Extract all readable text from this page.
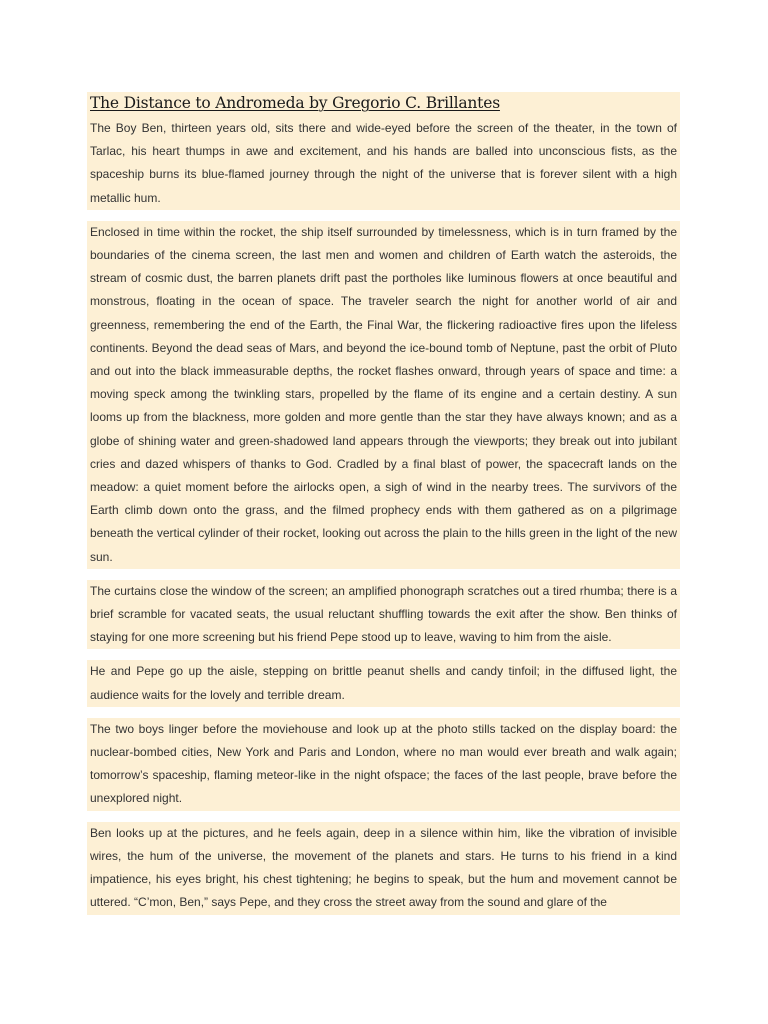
The Distance to Andromeda by Gregorio C. Brillantes

The Boy Ben, thirteen years old, sits there and wide-eyed before the screen of the theater, in the town of Tarlac, his heart thumps in awe and excitement, and his hands are balled into unconscious fists, as the spaceship burns its blue-flamed journey through the night of the universe that is forever silent with a high metallic hum.

Enclosed in time within the rocket, the ship itself surrounded by timelessness, which is in turn framed by the boundaries of the cinema screen, the last men and women and children of Earth watch the asteroids, the stream of cosmic dust, the barren planets drift past the portholes like luminous flowers at once beautiful and monstrous, floating in the ocean of space. The traveler search the night for another world of air and greenness, remembering the end of the Earth, the Final War, the flickering radioactive fires upon the lifeless continents. Beyond the dead seas of Mars, and beyond the ice-bound tomb of Neptune, past the orbit of Pluto and out into the black immeasurable depths, the rocket flashes onward, through years of space and time: a moving speck among the twinkling stars, propelled by the flame of its engine and a certain destiny. A sun looms up from the blackness, more golden and more gentle than the star they have always known; and as a globe of shining water and green-shadowed land appears through the viewports; they break out into jubilant cries and dazed whispers of thanks to God. Cradled by a final blast of power, the spacecraft lands on the meadow: a quiet moment before the airlocks open, a sigh of wind in the nearby trees. The survivors of the Earth climb down onto the grass, and the filmed prophecy ends with them gathered as on a pilgrimage beneath the vertical cylinder of their rocket, looking out across the plain to the hills green in the light of the new sun.

The curtains close the window of the screen; an amplified phonograph scratches out a tired rhumba; there is a brief scramble for vacated seats, the usual reluctant shuffling towards the exit after the show. Ben thinks of staying for one more screening but his friend Pepe stood up to leave, waving to him from the aisle.

He and Pepe go up the aisle, stepping on brittle peanut shells and candy tinfoil; in the diffused light, the audience waits for the lovely and terrible dream.

The two boys linger before the moviehouse and look up at the photo stills tacked on the display board: the nuclear-bombed cities, New York and Paris and London, where no man would ever breath and walk again; tomorrow’s spaceship, flaming meteor-like in the night ofspace; the faces of the last people, brave before the unexplored night.

Ben looks up at the pictures, and he feels again, deep in a silence within him, like the vibration of invisible wires, the hum of the universe, the movement of the planets and stars. He turns to his friend in a kind impatience, his eyes bright, his chest tightening; he begins to speak, but the hum and movement cannot be uttered. “C’mon, Ben,” says Pepe, and they cross the street away from the sound and glare of the
